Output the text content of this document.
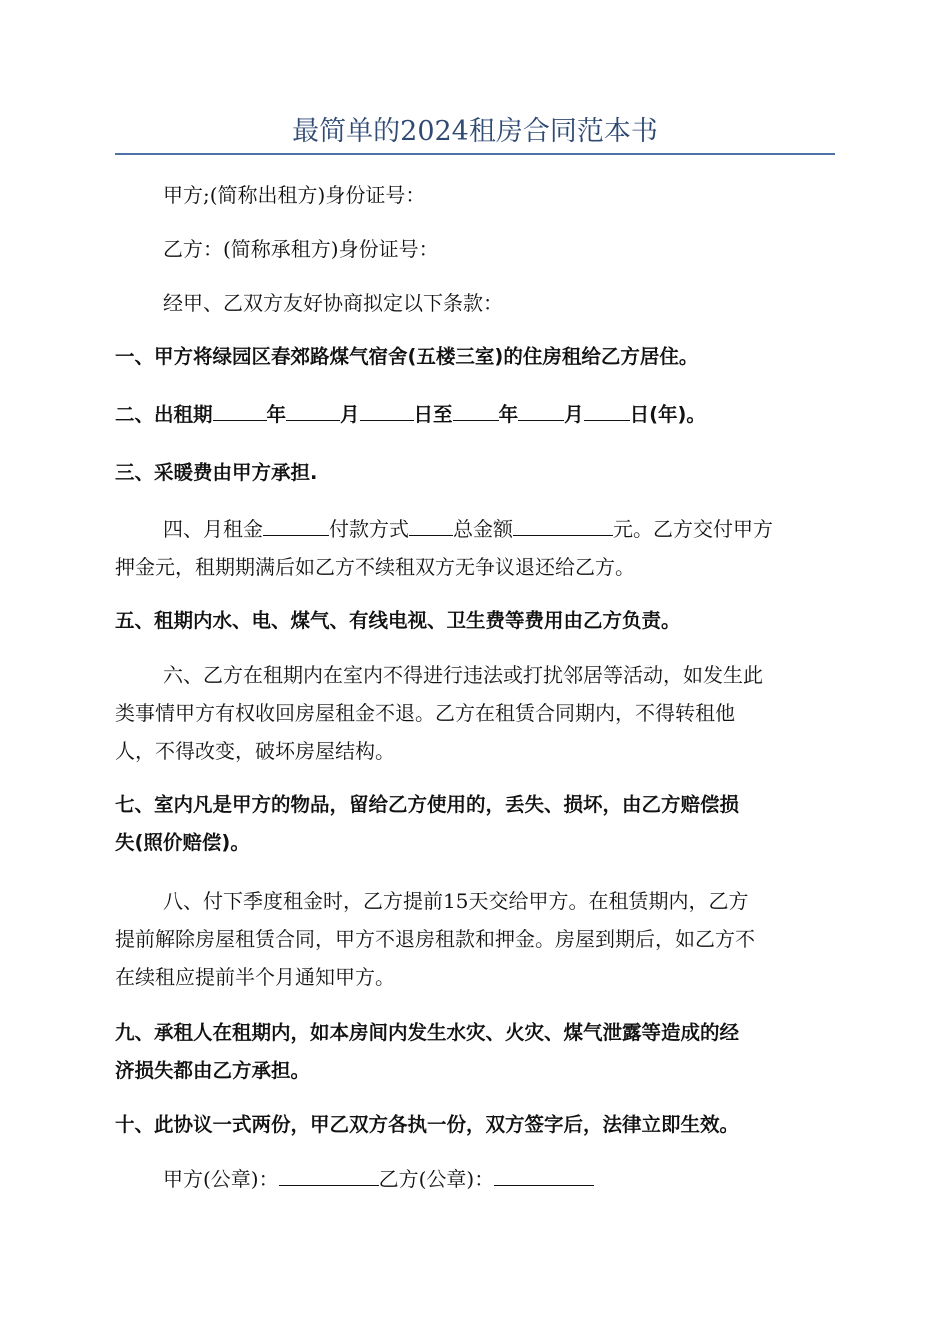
最简单的2024租房合同范本书
甲方;(简称出租方)身份证号：
乙方：(简称承租方)身份证号：
经甲、乙双方友好协商拟定以下条款：
一、甲方将绿园区春郊路煤气宿舍(五楼三室)的住房租给乙方居住。
二、出租期	年	月	日至 年 月 日(年)。
三、采暖费由甲方承担.
四、月租金	付款方式 总金额	元。乙方交付甲方
押金元，租期期满后如乙方不续租双方无争议退还给乙方。
五、租期内水、电、煤气、有线电视、卫生费等费用由乙方负责。
六、乙方在租期内在室内不得进行违法或打扰邻居等活动，如发生此
类事情甲方有权收回房屋租金不退。乙方在租赁合同期内，不得转租他
人，不得改变，破坏房屋结构。
七、室内凡是甲方的物品，留给乙方使用的，丢失、损坏，由乙方赔偿损
失(照价赔偿)。
八、付下季度租金时，乙方提前15天交给甲方。在租赁期内，乙方
提前解除房屋租赁合同，甲方不退房租款和押金。房屋到期后，如乙方不
在续租应提前半个月通知甲方。
九、承租人在租期内，如本房间内发生水灾、火灾、煤气泄露等造成的经
济损失都由乙方承担。
十、此协议一式两份，甲乙双方各执一份，双方签字后，法律立即生效。
甲方(公章)：	乙方(公章)：
